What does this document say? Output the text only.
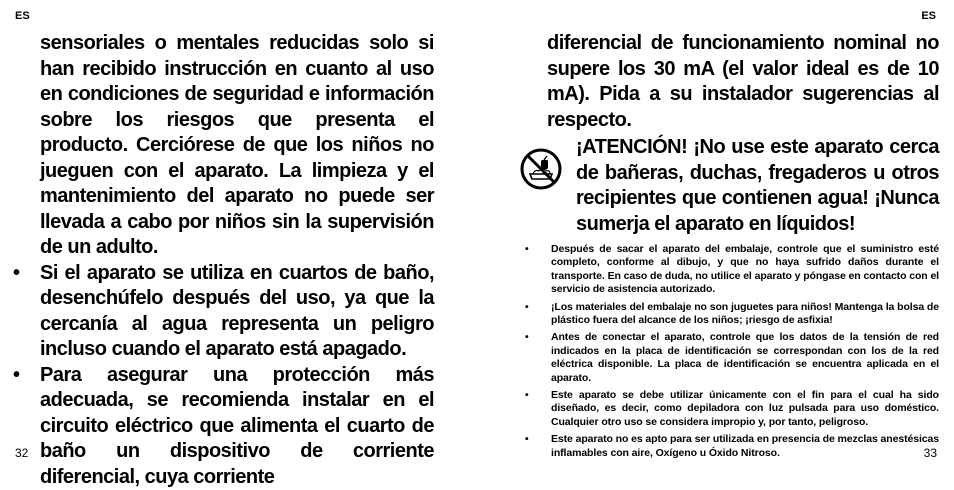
ES

sensoriales o mentales reducidas solo si han recibido instrucción en cuanto al uso en condiciones de seguridad e información sobre los riesgos que presenta el producto. Cerciórese de que los niños no jueguen con el aparato. La limpieza y el mantenimiento del aparato no puede ser llevada a cabo por niños sin la supervisión de un adulto.

• Si el aparato se utiliza en cuartos de baño, desenchúfelo después del uso, ya que la cercanía al agua representa un peligro incluso cuando el aparato está apagado.

• Para asegurar una protección más adecuada, se recomienda instalar en el circuito eléctrico que alimenta el cuarto de baño un dispositivo de corriente diferencial, cuya corriente

32
ES

diferencial de funcionamiento nominal no supere los 30 mA (el valor ideal es de 10 mA). Pida a su instalador sugerencias al respecto.

¡ATENCIÓN! ¡No use este aparato cerca de bañeras, duchas, fregaderos u otros recipientes que contienen agua! ¡Nunca sumerja el aparato en líquidos!

• Después de sacar el aparato del embalaje, controle que el suministro esté completo, conforme al dibujo, y que no haya sufrido daños durante el transporte. En caso de duda, no utilice el aparato y póngase en contacto con el servicio de asistencia autorizado.

• ¡Los materiales del embalaje no son juguetes para niños! Mantenga la bolsa de plástico fuera del alcance de los niños; ¡riesgo de asfixia!

• Antes de conectar el aparato, controle que los datos de la tensión de red indicados en la placa de identificación se correspondan con los de la red eléctrica disponible. La placa de identificación se encuentra aplicada en el aparato.

• Este aparato se debe utilizar únicamente con el fin para el cual ha sido diseñado, es decir, como depiladora con luz pulsada para uso doméstico. Cualquier otro uso se considera impropio y, por tanto, peligroso.

• Este aparato no es apto para ser utilizada en presencia de mezclas anestésicas inflamables con aire, Oxígeno u Óxido Nitroso.	33
